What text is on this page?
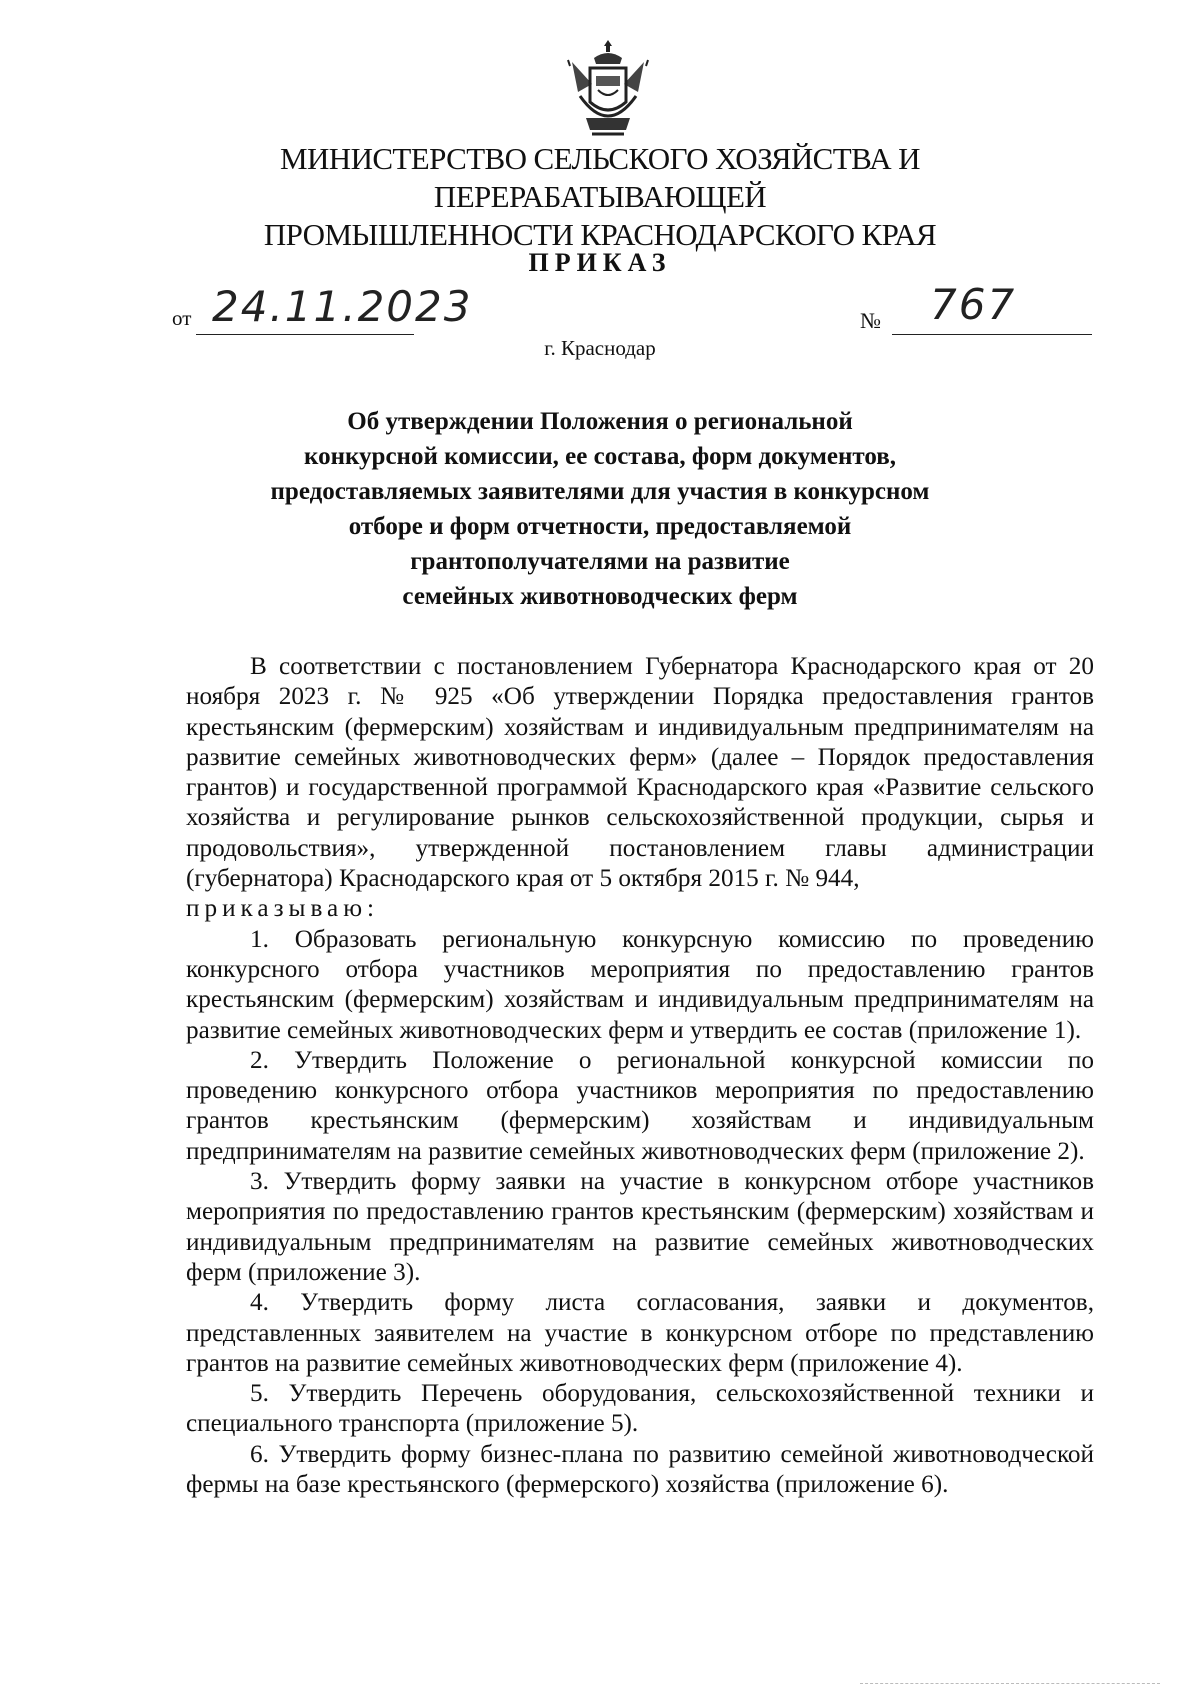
МИНИСТЕРСТВО СЕЛЬСКОГО ХОЗЯЙСТВА И ПЕРЕРАБАТЫВАЮЩЕЙ
ПРОМЫШЛЕННОСТИ КРАСНОДАРСКОГО КРАЯ
ПРИКАЗ
от 24.11.2023	№ 767
г. Краснодар
Об утверждении Положения о региональной
конкурсной комиссии, ее состава, форм документов,
предоставляемых заявителями для участия в конкурсном
отборе и форм отчетности, предоставляемой
грантополучателями на развитие
семейных животноводческих ферм

В соответствии с постановлением Губернатора Краснодарского края от 20 ноября 2023 г. № 925 «Об утверждении Порядка предоставления грантов крестьянским (фермерским) хозяйствам и индивидуальным предпринимателям на развитие семейных животноводческих ферм» (далее – Порядок предоставления грантов) и государственной программой Краснодарского края «Развитие сельского хозяйства и регулирование рынков сельскохозяйственной продукции, сырья и продовольствия», утвержденной постановлением главы администрации (губернатора) Краснодарского края от 5 октября 2015 г. № 944,

приказываю:

1. Образовать региональную конкурсную комиссию по проведению конкурсного отбора участников мероприятия по предоставлению грантов крестьянским (фермерским) хозяйствам и индивидуальным предпринимателям на развитие семейных животноводческих ферм и утвердить ее состав (приложение 1).

2. Утвердить Положение о региональной конкурсной комиссии по проведению конкурсного отбора участников мероприятия по предоставлению грантов крестьянским (фермерским) хозяйствам и индивидуальным предпринимателям на развитие семейных животноводческих ферм (приложение 2).

3. Утвердить форму заявки на участие в конкурсном отборе участников мероприятия по предоставлению грантов крестьянским (фермерским) хозяйствам и индивидуальным предпринимателям на развитие семейных животноводческих ферм (приложение 3).

4. Утвердить форму листа согласования, заявки и документов, представленных заявителем на участие в конкурсном отборе по представлению грантов на развитие семейных животноводческих ферм (приложение 4).

5. Утвердить Перечень оборудования, сельскохозяйственной техники и специального транспорта (приложение 5).

6. Утвердить форму бизнес-плана по развитию семейной животноводческой фермы на базе крестьянского (фермерского) хозяйства (приложение 6).
